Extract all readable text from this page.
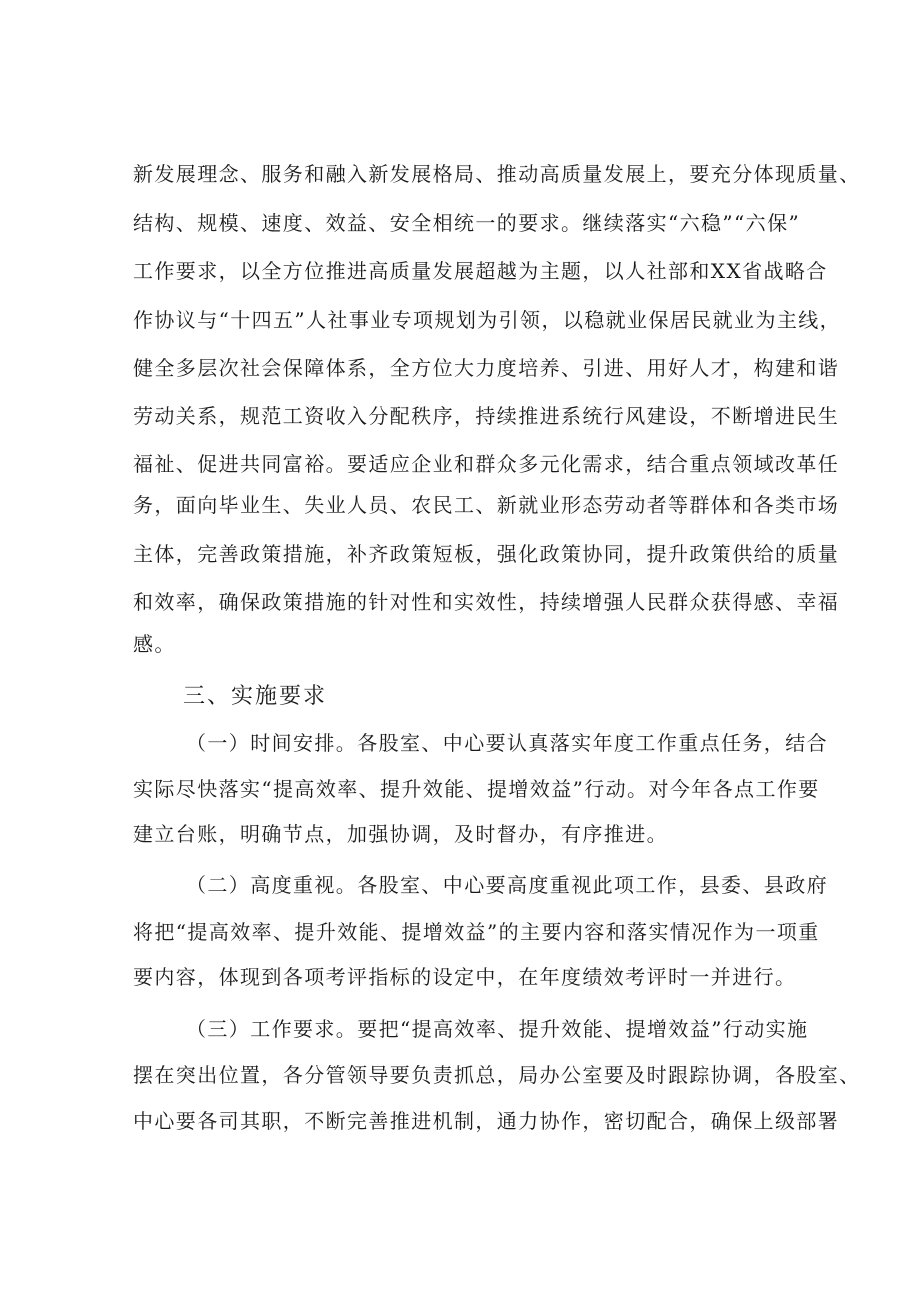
新发展理念、服务和融入新发展格局、推动高质量发展上，要充分体现质量、
结构、规模、速度、效益、安全相统一的要求。继续落实“六稳”“六保”
工作要求，以全方位推进高质量发展超越为主题，以人社部和XX省战略合
作协议与“十四五”人社事业专项规划为引领，以稳就业保居民就业为主线，
健全多层次社会保障体系，全方位大力度培养、引进、用好人才，构建和谐
劳动关系，规范工资收入分配秩序，持续推进系统行风建设，不断增进民生
福祉、促进共同富裕。要适应企业和群众多元化需求，结合重点领域改革任
务，面向毕业生、失业人员、农民工、新就业形态劳动者等群体和各类市场
主体，完善政策措施，补齐政策短板，强化政策协同，提升政策供给的质量
和效率，确保政策措施的针对性和实效性，持续增强人民群众获得感、幸福
感。
三、实施要求
（一）时间安排。各股室、中心要认真落实年度工作重点任务，结合
实际尽快落实“提高效率、提升效能、提增效益”行动。对今年各点工作要
建立台账，明确节点，加强协调，及时督办，有序推进。
（二）高度重视。各股室、中心要高度重视此项工作，县委、县政府
将把“提高效率、提升效能、提增效益”的主要内容和落实情况作为一项重
要内容，体现到各项考评指标的设定中，在年度绩效考评时一并进行。
（三）工作要求。要把“提高效率、提升效能、提增效益”行动实施
摆在突出位置，各分管领导要负责抓总，局办公室要及时跟踪协调，各股室、
中心要各司其职，不断完善推进机制，通力协作，密切配合，确保上级部署
